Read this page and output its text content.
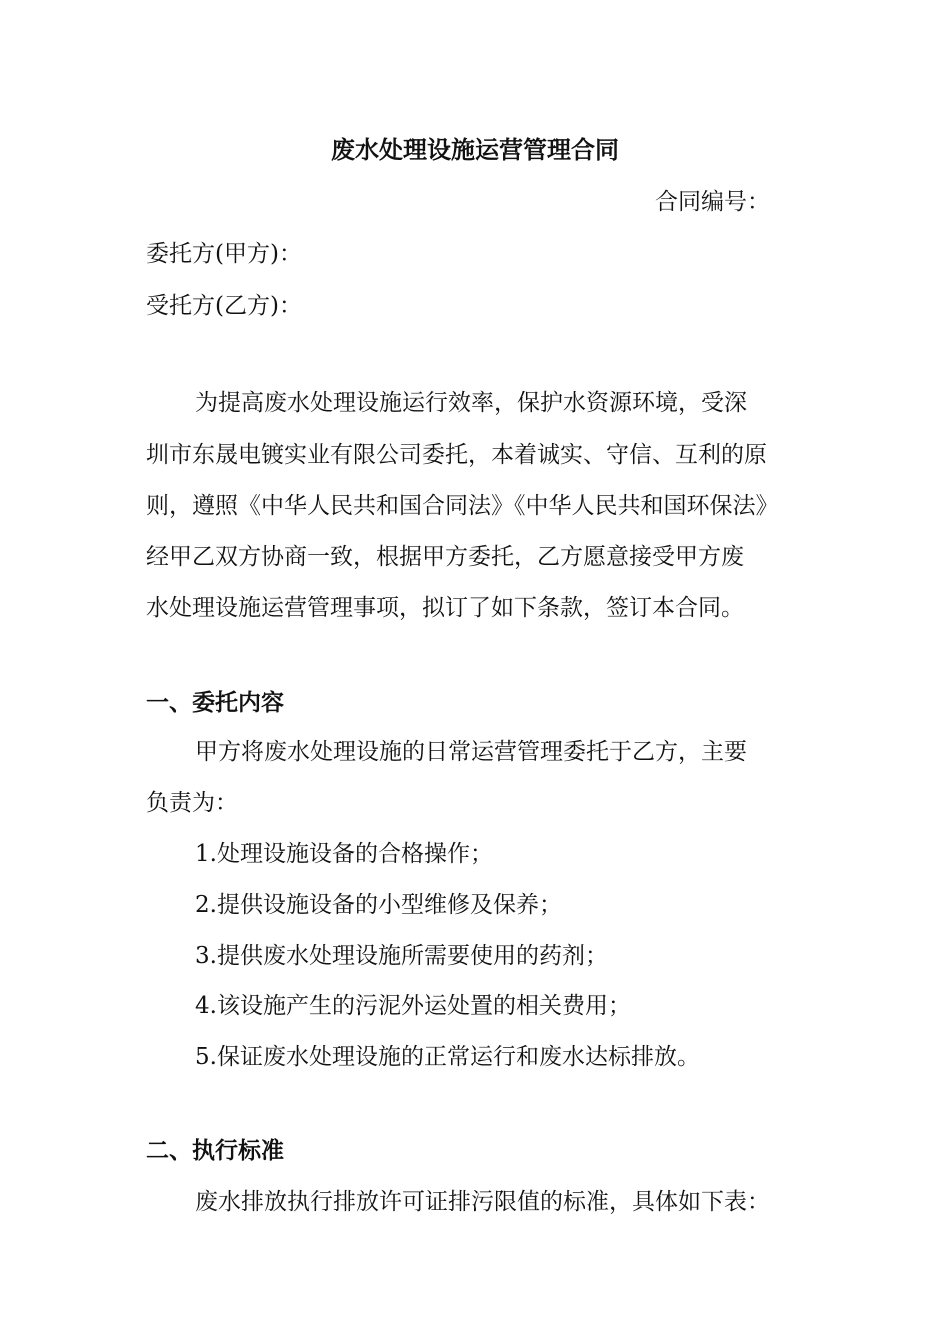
废水处理设施运营管理合同
合同编号：
委托方(甲方)：
受托方(乙方)：
为提高废水处理设施运行效率，保护水资源环境，受深
圳市东晟电镀实业有限公司委托，本着诚实、守信、互利的原
则，遵照《中华人民共和国合同法》《中华人民共和国环保法》
经甲乙双方协商一致，根据甲方委托，乙方愿意接受甲方废
水处理设施运营管理事项，拟订了如下条款，签订本合同。
一、委托内容
甲方将废水处理设施的日常运营管理委托于乙方，主要
负责为：
1.处理设施设备的合格操作；
2.提供设施设备的小型维修及保养；
3.提供废水处理设施所需要使用的药剂；
4.该设施产生的污泥外运处置的相关费用；
5.保证废水处理设施的正常运行和废水达标排放。
二、执行标准
废水排放执行排放许可证排污限值的标准，具体如下表：
